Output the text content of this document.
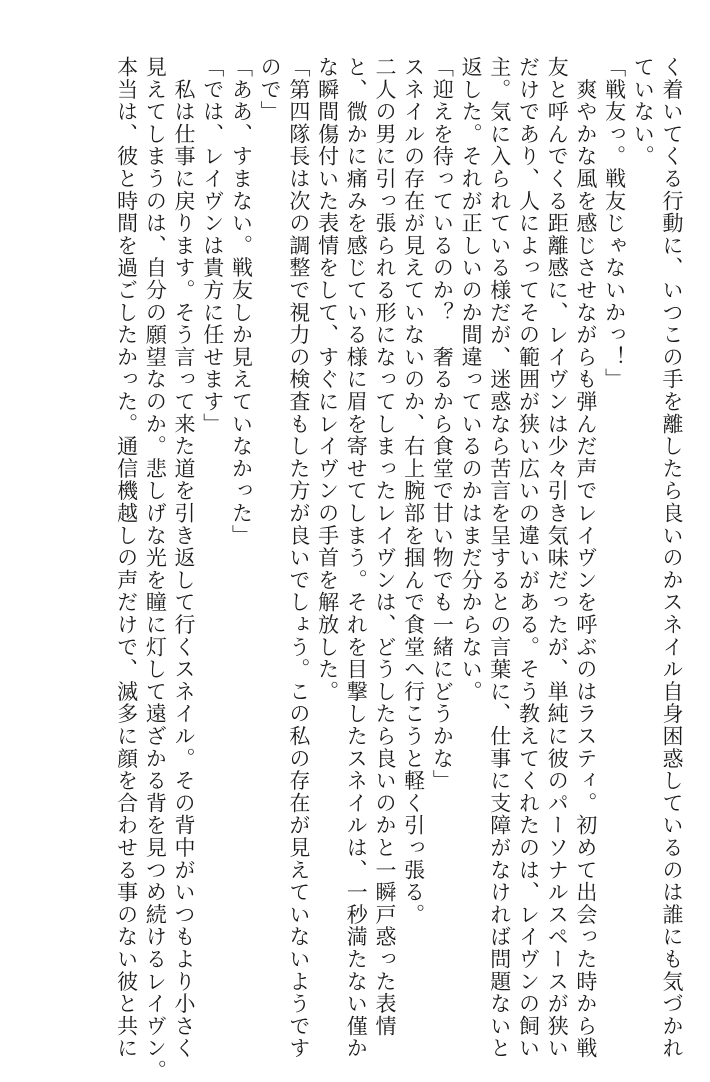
く着いてくる行動に、いつこの手を離したら良いのかスネイル自身困惑しているのは誰にも気づかれ
ていない。
「戦友っ。戦友じゃないかっ！」
　爽やかな風を感じさせながらも弾んだ声でレイヴンを呼ぶのはラスティ。初めて出会った時から戦
友と呼んでくる距離感に、レイヴンは少々引き気味だったが、単純に彼のパーソナルスペースが狭い
だけであり、人によってその範囲が狭い広いの違いがある。そう教えてくれたのは、レイヴンの飼い
主。気に入られている様だが、迷惑なら苦言を呈するとの言葉に、仕事に支障がなければ問題ないと
返した。それが正しいのか間違っているのかはまだ分からない。
「迎えを待っているのか？　奢るから食堂で甘い物でも一緒にどうかな」
スネイルの存在が見えていないのか、右上腕部を掴んで食堂へ行こうと軽く引っ張る。
二人の男に引っ張られる形になってしまったレイヴンは、どうしたら良いのかと一瞬戸惑った表情
と、微かに痛みを感じている様に眉を寄せてしまう。それを目撃したスネイルは、一秒満たない僅か
な瞬間傷付いた表情をして、すぐにレイヴンの手首を解放した。
「第四隊長は次の調整で視力の検査もした方が良いでしょう。この私の存在が見えていないようです
ので」
「ああ、すまない。戦友しか見えていなかった」
「では、レイヴンは貴方に任せます」
　私は仕事に戻ります。そう言って来た道を引き返して行くスネイル。その背中がいつもより小さく
見えてしまうのは、自分の願望なのか。悲しげな光を瞳に灯して遠ざかる背を見つめ続けるレイヴン。
本当は、彼と時間を過ごしたかった。通信機越しの声だけで、滅多に顔を合わせる事のない彼と共に
